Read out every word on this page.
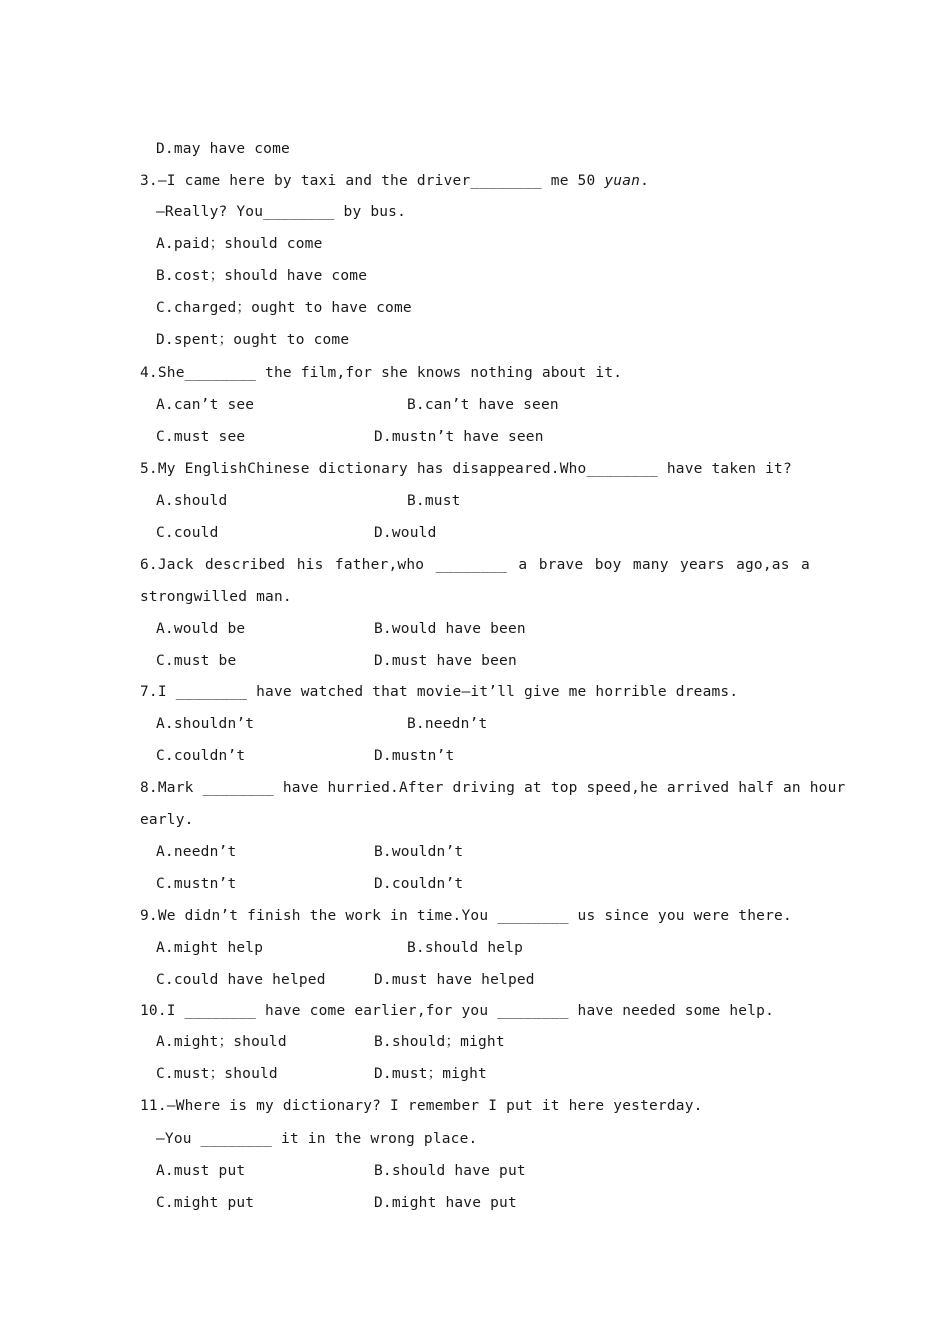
D.may have come
3.—I came here by taxi and the driver________ me 50 yuan.
—Really? You________ by bus.
A.paid；should come
B.cost；should have come
C.charged；ought to have come
D.spent；ought to come
4.She________ the film,for she knows nothing about it.
A.can’t see	B.can’t have seen
C.must see	D.mustn’t have seen
5.My EnglishChinese dictionary has disappeared.Who________ have taken it?
A.should	B.must
C.could	D.would
6.Jack described his father,who ________ a brave boy many years ago,as a
strongwilled man.
A.would be	B.would have been
C.must be	D.must have been
7.I ________ have watched that movie—it’ll give me horrible dreams.
A.shouldn’t	B.needn’t
C.couldn’t	D.mustn’t
8.Mark ________ have hurried.After driving at top speed,he arrived half an hour
early.
A.needn’t	B.wouldn’t
C.mustn’t	D.couldn’t
9.We didn’t finish the work in time.You ________ us since you were there.
A.might help	B.should help
C.could have helped	D.must have helped
10.I ________ have come earlier,for you ________ have needed some help.
A.might；should	B.should；might
C.must；should	D.must；might
11.—Where is my dictionary? I remember I put it here yesterday.
—You ________ it in the wrong place.
A.must put	B.should have put
C.might put	D.might have put
